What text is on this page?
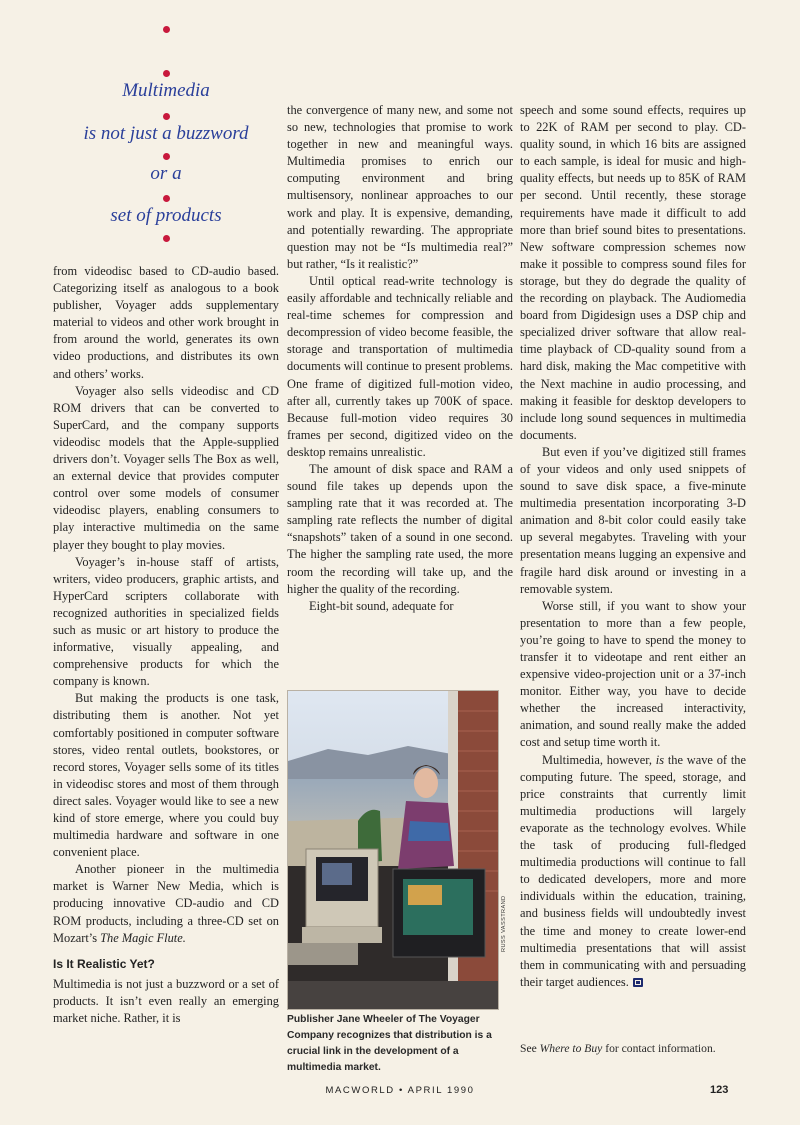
Multimedia
is not just a buzzword
or a
set of products

from videodisc based to CD-audio based. Categorizing itself as analogous to a book publisher, Voyager adds supplementary material to videos and other work brought in from around the world, generates its own video productions, and distributes its own and others’ works.

Voyager also sells videodisc and CD ROM drivers that can be converted to SuperCard, and the company supports videodisc models that the Apple-supplied drivers don’t. Voyager sells The Box as well, an external device that provides computer control over some models of consumer videodisc players, enabling consumers to play interactive multimedia on the same player they bought to play movies.

Voyager’s in-house staff of artists, writers, video producers, graphic artists, and HyperCard scripters collaborate with recognized authorities in specialized fields such as music or art history to produce the informative, visually appealing, and comprehensive products for which the company is known.

But making the products is one task, distributing them is another. Not yet comfortably positioned in computer software stores, video rental outlets, bookstores, or record stores, Voyager sells some of its titles in videodisc stores and most of them through direct sales. Voyager would like to see a new kind of store emerge, where you could buy multimedia hardware and software in one convenient place.

Another pioneer in the multimedia market is Warner New Media, which is producing innovative CD-audio and CD ROM products, including a three-CD set on Mozart’s The Magic Flute.

Is It Realistic Yet?

Multimedia is not just a buzzword or a set of products. It isn’t even really an emerging market niche. Rather, it is

the convergence of many new, and some not so new, technologies that promise to work together in new and meaningful ways. Multimedia promises to enrich our computing environment and bring multisensory, nonlinear approaches to our work and play. It is expensive, demanding, and potentially rewarding. The appropriate question may not be “Is multimedia real?” but rather, “Is it realistic?”

Until optical read-write technology is easily affordable and technically reliable and real-time schemes for compression and decompression of video become feasible, the storage and transportation of multimedia documents will continue to present problems. One frame of digitized full-motion video, after all, currently takes up 700K of space. Because full-motion video requires 30 frames per second, digitized video on the desktop remains unrealistic.

The amount of disk space and RAM a sound file takes up depends upon the sampling rate that it was recorded at. The sampling rate reflects the number of digital “snapshots” taken of a sound in one second. The higher the sampling rate used, the more room the recording will take up, and the higher the quality of the recording.

Eight-bit sound, adequate for

RUSS VASSTRAND
Publisher Jane Wheeler of The Voyager Company recognizes that distribution is a crucial link in the development of a multimedia market.

speech and some sound effects, requires up to 22K of RAM per second to play. CD-quality sound, in which 16 bits are assigned to each sample, is ideal for music and high-quality effects, but needs up to 85K of RAM per second. Until recently, these storage requirements have made it difficult to add more than brief sound bites to presentations. New software compression schemes now make it possible to compress sound files for storage, but they do degrade the quality of the recording on playback. The Audiomedia board from Digidesign uses a DSP chip and specialized driver software that allow real-time playback of CD-quality sound from a hard disk, making the Mac competitive with the Next machine in audio processing, and making it feasible for desktop developers to include long sound sequences in multimedia documents.

But even if you’ve digitized still frames of your videos and only used snippets of sound to save disk space, a five-minute multimedia presentation incorporating 3-D animation and 8-bit color could easily take up several megabytes. Traveling with your presentation means lugging an expensive and fragile hard disk around or investing in a removable system.

Worse still, if you want to show your presentation to more than a few people, you’re going to have to spend the money to transfer it to videotape and rent either an expensive video-projection unit or a 37-inch monitor. Either way, you have to decide whether the increased interactivity, animation, and sound really make the added cost and setup time worth it.

Multimedia, however, is the wave of the computing future. The speed, storage, and price constraints that currently limit multimedia productions will largely evaporate as the technology evolves. While the task of producing full-fledged multimedia productions will continue to fall to dedicated developers, more and more individuals within the education, training, and business fields will undoubtedly invest the time and money to create lower-end multimedia presentations that will assist them in communicating with and persuading their target audiences.

See Where to Buy for contact information.
MACWORLD • APRIL 1990	123
